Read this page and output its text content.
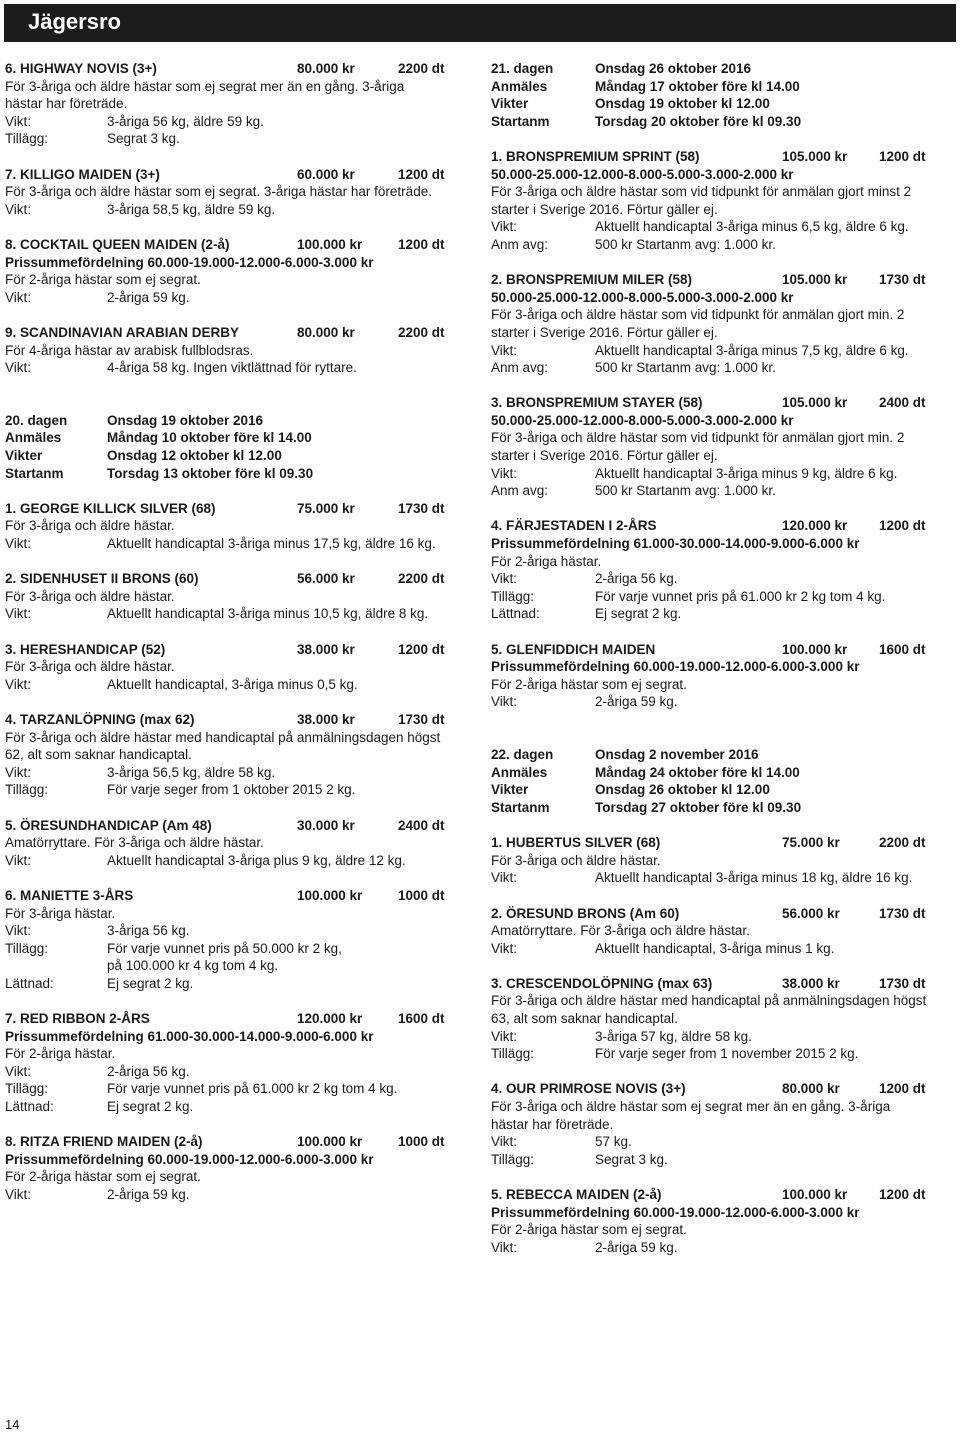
Jägersro
6. HIGHWAY NOVIS (3+)	80.000 kr	2200 dt
För 3-åriga och äldre hästar som ej segrat mer än en gång. 3-åriga
hästar har företräde.
Vikt:	3-åriga 56 kg, äldre 59 kg.
Tillägg:	Segrat 3 kg.
7. KILLIGO MAIDEN (3+)	60.000 kr	1200 dt
För 3-åriga och äldre hästar som ej segrat. 3-åriga hästar har företräde.
Vikt:	3-åriga 58,5 kg, äldre 59 kg.
8. COCKTAIL QUEEN MAIDEN (2-å)	100.000 kr	1200 dt
Prissummefördelning 60.000-19.000-12.000-6.000-3.000 kr
För 2-åriga hästar som ej segrat.
Vikt:	2-åriga 59 kg.
9. SCANDINAVIAN ARABIAN DERBY	80.000 kr	2200 dt
För 4-åriga hästar av arabisk fullblodsras.
Vikt:	4-åriga 58 kg. Ingen viktlättnad för ryttare.
20. dagen	Onsdag 19 oktober 2016
Anmäles	Måndag 10 oktober före kl 14.00
Vikter	Onsdag 12 oktober kl 12.00
Startanm	Torsdag 13 oktober före kl 09.30
1. GEORGE KILLICK SILVER (68)	75.000 kr	1730 dt
För 3-åriga och äldre hästar.
Vikt:	Aktuellt handicaptal 3-åriga minus 17,5 kg, äldre 16 kg.
2. SIDENHUSET II BRONS (60)	56.000 kr	2200 dt
För 3-åriga och äldre hästar.
Vikt:	Aktuellt handicaptal 3-åriga minus 10,5 kg, äldre 8 kg.
3. HERESHANDICAP (52)	38.000 kr	1200 dt
För 3-åriga och äldre hästar.
Vikt:	Aktuellt handicaptal, 3-åriga minus 0,5 kg.
4. TARZANLÖPNING (max 62)	38.000 kr	1730 dt
För 3-åriga och äldre hästar med handicaptal på anmälningsdagen högst
62, alt som saknar handicaptal.
Vikt:	3-åriga 56,5 kg, äldre 58 kg.
Tillägg:	För varje seger from 1 oktober 2015 2 kg.
5. ÖRESUNDHANDICAP (Am 48)	30.000 kr	2400 dt
Amatörryttare. För 3-åriga och äldre hästar.
Vikt:	Aktuellt handicaptal 3-åriga plus 9 kg, äldre 12 kg.
6. MANIETTE 3-ÅRS	100.000 kr	1000 dt
För 3-åriga hästar.
Vikt:	3-åriga 56 kg.
Tillägg:	För varje vunnet pris på 50.000 kr 2 kg,
på 100.000 kr 4 kg tom 4 kg.
Lättnad:	Ej segrat 2 kg.
7. RED RIBBON 2-ÅRS	120.000 kr	1600 dt
Prissummefördelning 61.000-30.000-14.000-9.000-6.000 kr
För 2-åriga hästar.
Vikt:	2-åriga 56 kg.
Tillägg:	För varje vunnet pris på 61.000 kr 2 kg tom 4 kg.
Lättnad:	Ej segrat 2 kg.
8. RITZA FRIEND MAIDEN (2-å)	100.000 kr	1000 dt
Prissummefördelning 60.000-19.000-12.000-6.000-3.000 kr
För 2-åriga hästar som ej segrat.
Vikt:	2-åriga 59 kg.
21. dagen	Onsdag 26 oktober 2016
Anmäles	Måndag 17 oktober före kl 14.00
Vikter	Onsdag 19 oktober kl 12.00
Startanm	Torsdag 20 oktober före kl 09.30
1. BRONSPREMIUM SPRINT (58)	105.000 kr 1200 dt
50.000-25.000-12.000-8.000-5.000-3.000-2.000 kr
För 3-åriga och äldre hästar som vid tidpunkt för anmälan gjort minst 2
starter i Sverige 2016. Förtur gäller ej.
Vikt:	Aktuellt handicaptal 3-åriga minus 6,5 kg, äldre 6 kg.
Anm avg:	500 kr Startanm avg: 1.000 kr.
2. BRONSPREMIUM MILER (58)	105.000 kr 1730 dt
50.000-25.000-12.000-8.000-5.000-3.000-2.000 kr
För 3-åriga och äldre hästar som vid tidpunkt för anmälan gjort min. 2
starter i Sverige 2016. Förtur gäller ej.
Vikt:	Aktuellt handicaptal 3-åriga minus 7,5 kg, äldre 6 kg.
Anm avg:	500 kr Startanm avg: 1.000 kr.
3. BRONSPREMIUM STAYER (58)	105.000 kr 2400 dt
50.000-25.000-12.000-8.000-5.000-3.000-2.000 kr
För 3-åriga och äldre hästar som vid tidpunkt för anmälan gjort min. 2
starter i Sverige 2016. Förtur gäller ej.
Vikt:	Aktuellt handicaptal 3-åriga minus 9 kg, äldre 6 kg.
Anm avg:	500 kr Startanm avg: 1.000 kr.
4. FÄRJESTADEN I 2-ÅRS	120.000 kr 1200 dt
Prissummefördelning 61.000-30.000-14.000-9.000-6.000 kr
För 2-åriga hästar.
Vikt:	2-åriga 56 kg.
Tillägg:	För varje vunnet pris på 61.000 kr 2 kg tom 4 kg.
Lättnad:	Ej segrat 2 kg.
5. GLENFIDDICH MAIDEN	100.000 kr 1600 dt
Prissummefördelning 60.000-19.000-12.000-6.000-3.000 kr
För 2-åriga hästar som ej segrat.
Vikt:	2-åriga 59 kg.
22. dagen	Onsdag 2 november 2016
Anmäles	Måndag 24 oktober före kl 14.00
Vikter	Onsdag 26 oktober kl 12.00
Startanm	Torsdag 27 oktober före kl 09.30
1. HUBERTUS SILVER (68)	75.000 kr	2200 dt
För 3-åriga och äldre hästar.
Vikt:	Aktuellt handicaptal 3-åriga minus 18 kg, äldre 16 kg.
2. ÖRESUND BRONS (Am 60)	56.000 kr	1730 dt
Amatörryttare. För 3-åriga och äldre hästar.
Vikt:	Aktuellt handicaptal, 3-åriga minus 1 kg.
3. CRESCENDOLÖPNING (max 63)	38.000 kr	1730 dt
För 3-åriga och äldre hästar med handicaptal på anmälningsdagen högst
63, alt som saknar handicaptal.
Vikt:	3-åriga 57 kg, äldre 58 kg.
Tillägg:	För varje seger from 1 november 2015 2 kg.
4. OUR PRIMROSE NOVIS (3+)	80.000 kr	1200 dt
För 3-åriga och äldre hästar som ej segrat mer än en gång. 3-åriga
hästar har företräde.
Vikt:	57 kg.
Tillägg:	Segrat 3 kg.
5. REBECCA MAIDEN (2-å)	100.000 kr 1200 dt
Prissummefördelning 60.000-19.000-12.000-6.000-3.000 kr
För 2-åriga hästar som ej segrat.
Vikt:	2-åriga 59 kg.
14
